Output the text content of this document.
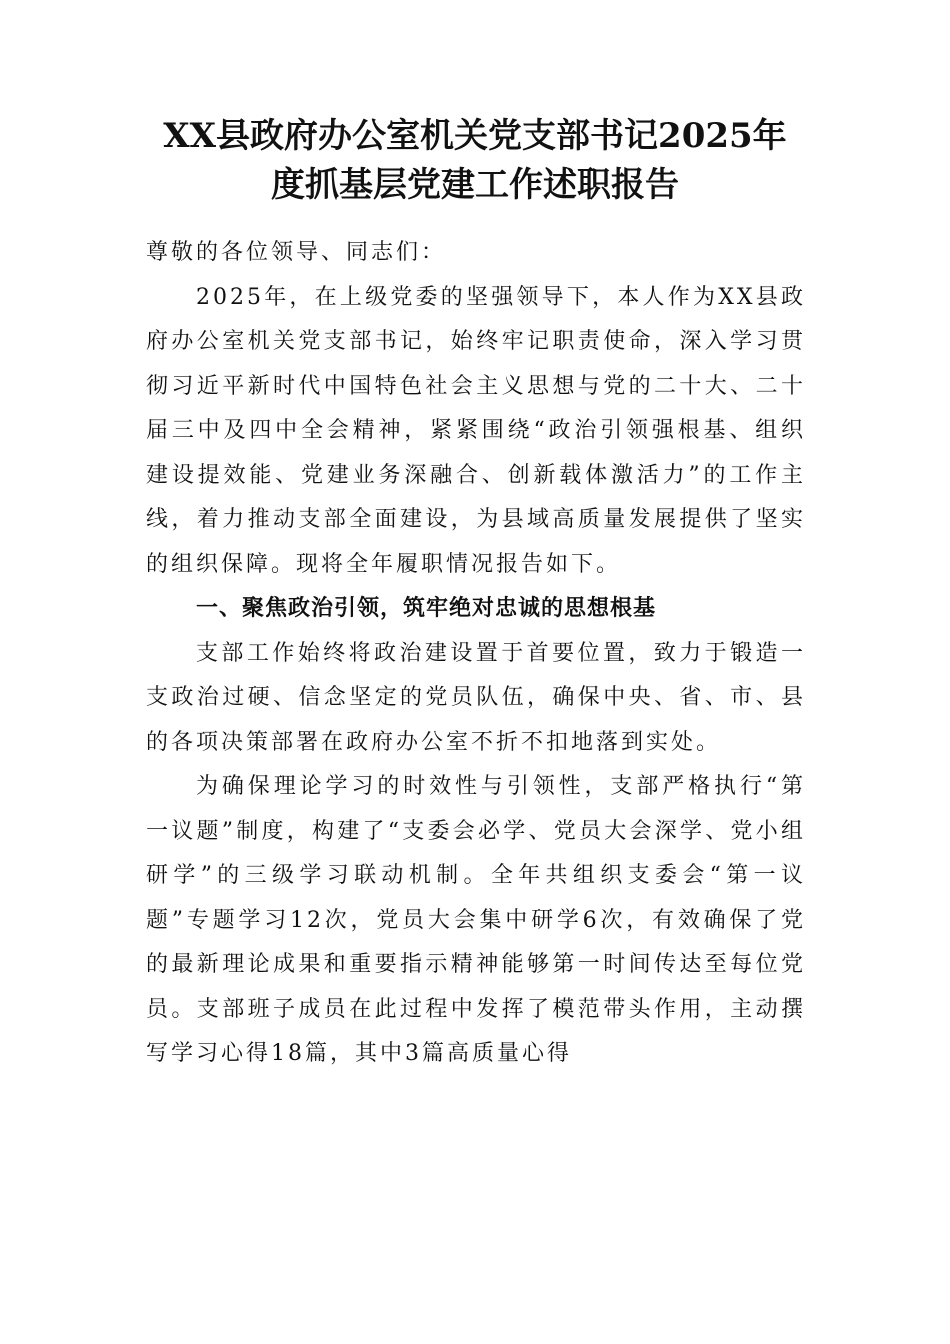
XX县政府办公室机关党支部书记2025年
度抓基层党建工作述职报告

尊敬的各位领导、同志们：

2025年，在上级党委的坚强领导下，本人作为XX县政府办公室机关党支部书记，始终牢记职责使命，深入学习贯彻习近平新时代中国特色社会主义思想与党的二十大、二十届三中及四中全会精神，紧紧围绕“政治引领强根基、组织建设提效能、党建业务深融合、创新载体激活力”的工作主线，着力推动支部全面建设，为县域高质量发展提供了坚实的组织保障。现将全年履职情况报告如下。

一、聚焦政治引领，筑牢绝对忠诚的思想根基

支部工作始终将政治建设置于首要位置，致力于锻造一支政治过硬、信念坚定的党员队伍，确保中央、省、市、县的各项决策部署在政府办公室不折不扣地落到实处。

为确保理论学习的时效性与引领性，支部严格执行“第一议题”制度，构建了“支委会必学、党员大会深学、党小组研学”的三级学习联动机制。全年共组织支委会“第一议题”专题学习12次，党员大会集中研学6次，有效确保了党的最新理论成果和重要指示精神能够第一时间传达至每位党员。支部班子成员在此过程中发挥了模范带头作用，主动撰写学习心得18篇，其中3篇高质量心得
